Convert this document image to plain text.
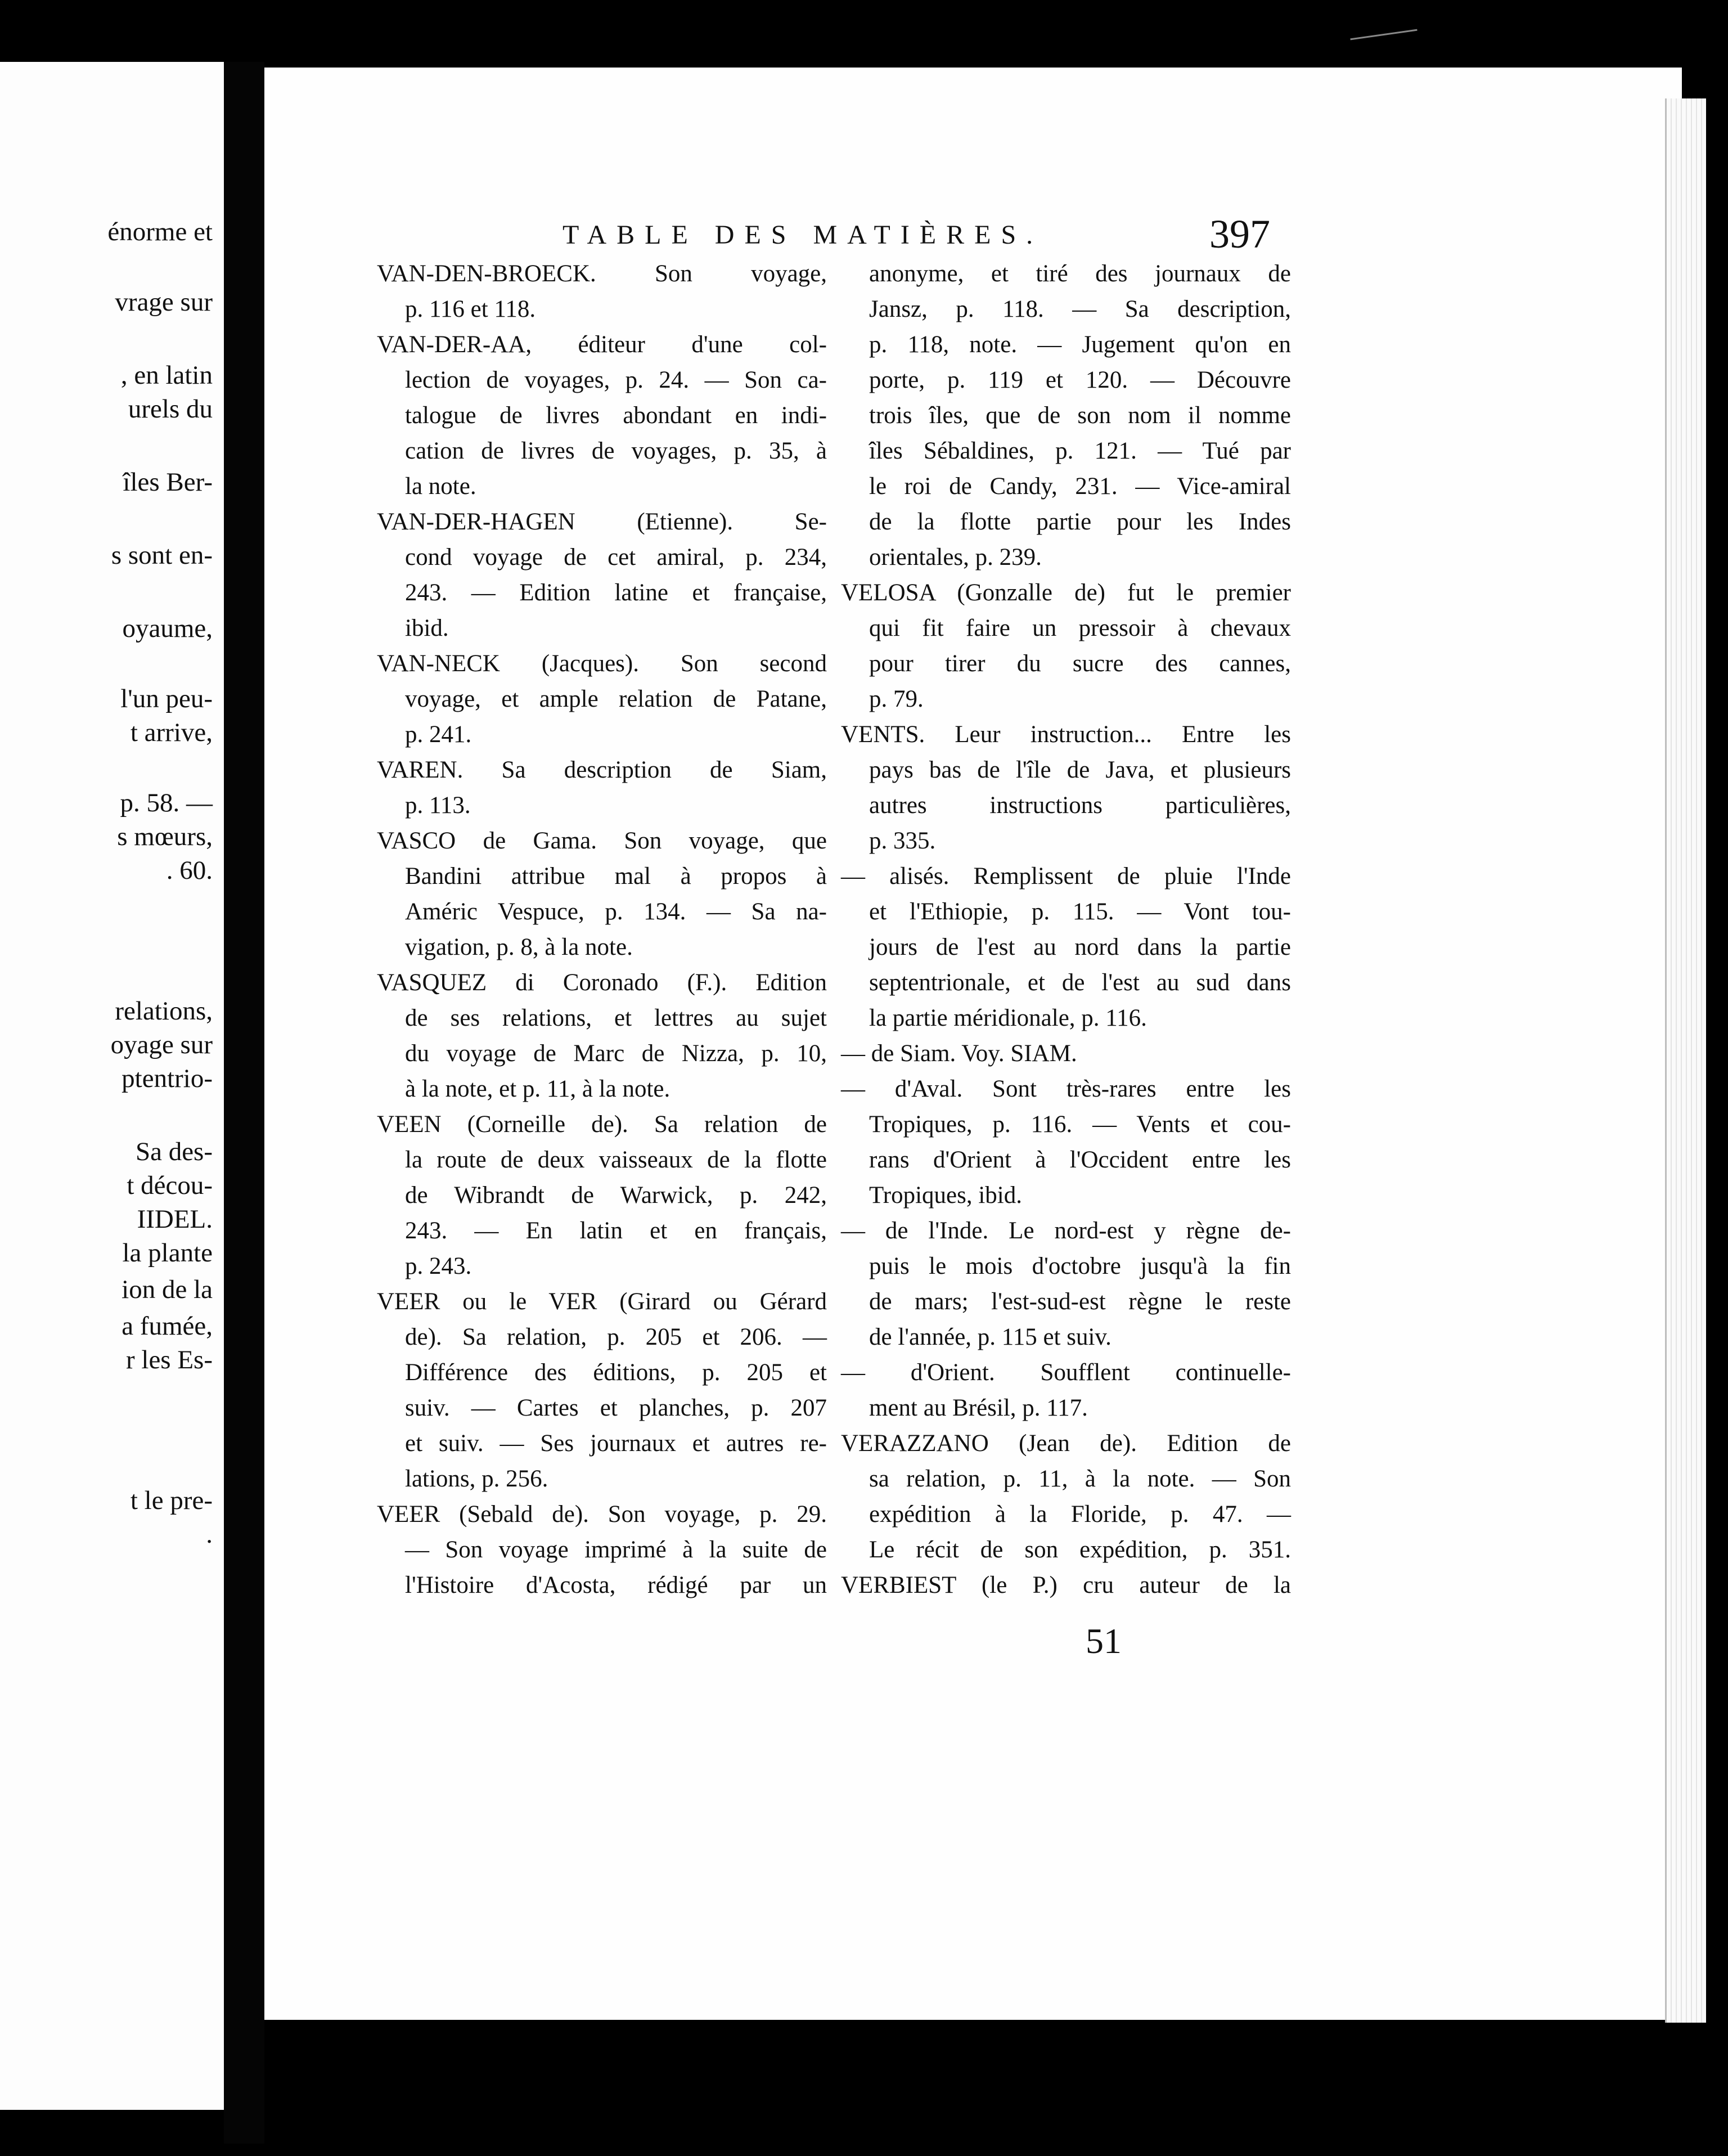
énorme et
vrage sur
, en latin
urels du
îles Ber-
s sont en-
oyaume,
l'un peu-
t arrive,
p. 58. —
s mœurs,
. 60.
relations,
oyage sur
ptentrio-
Sa des-
t décou-
IIDEL.
la plante
ion de la
a fumée,
r les Es-
t le pre-
.
TABLE DES MATIÈRES.	397
VAN-DEN-BROECK. Son voyage,
p. 116 et 118.
VAN-DER-AA, éditeur d'une col-
lection de voyages, p. 24. — Son ca-
talogue de livres abondant en indi-
cation de livres de voyages, p. 35, à
la note.
VAN-DER-HAGEN (Etienne). Se-
cond voyage de cet amiral, p. 234,
243. — Edition latine et française,
ibid.
VAN-NECK (Jacques). Son second
voyage, et ample relation de Patane,
p. 241.
VAREN. Sa description de Siam,
p. 113.
VASCO de Gama. Son voyage, que
Bandini attribue mal à propos à
Améric Vespuce, p. 134. — Sa na-
vigation, p. 8, à la note.
VASQUEZ di Coronado (F.). Edition
de ses relations, et lettres au sujet
du voyage de Marc de Nizza, p. 10,
à la note, et p. 11, à la note.
VEEN (Corneille de). Sa relation de
la route de deux vaisseaux de la flotte
de Wibrandt de Warwick, p. 242,
243. — En latin et en français,
p. 243.
VEER ou le VER (Girard ou Gérard
de). Sa relation, p. 205 et 206. —
Différence des éditions, p. 205 et
suiv. — Cartes et planches, p. 207
et suiv. — Ses journaux et autres re-
lations, p. 256.
VEER (Sebald de). Son voyage, p. 29.
— Son voyage imprimé à la suite de
l'Histoire d'Acosta, rédigé par un
anonyme, et tiré des journaux de
Jansz, p. 118. — Sa description,
p. 118, note. — Jugement qu'on en
porte, p. 119 et 120. — Découvre
trois îles, que de son nom il nomme
îles Sébaldines, p. 121. — Tué par
le roi de Candy, 231. — Vice-amiral
de la flotte partie pour les Indes
orientales, p. 239.
VELOSA (Gonzalle de) fut le premier
qui fit faire un pressoir à chevaux
pour tirer du sucre des cannes,
p. 79.
VENTS. Leur instruction... Entre les
pays bas de l'île de Java, et plusieurs
autres instructions particulières,
p. 335.
— alisés. Remplissent de pluie l'Inde
et l'Ethiopie, p. 115. — Vont tou-
jours de l'est au nord dans la partie
septentrionale, et de l'est au sud dans
la partie méridionale, p. 116.
— de Siam. Voy. SIAM.
— d'Aval. Sont très-rares entre les
Tropiques, p. 116. — Vents et cou-
rans d'Orient à l'Occident entre les
Tropiques, ibid.
— de l'Inde. Le nord-est y règne de-
puis le mois d'octobre jusqu'à la fin
de mars; l'est-sud-est règne le reste
de l'année, p. 115 et suiv.
— d'Orient. Soufflent continuelle-
ment au Brésil, p. 117.
VERAZZANO (Jean de). Edition de
sa relation, p. 11, à la note. — Son
expédition à la Floride, p. 47. —
Le récit de son expédition, p. 351.
VERBIEST (le P.) cru auteur de la
51
